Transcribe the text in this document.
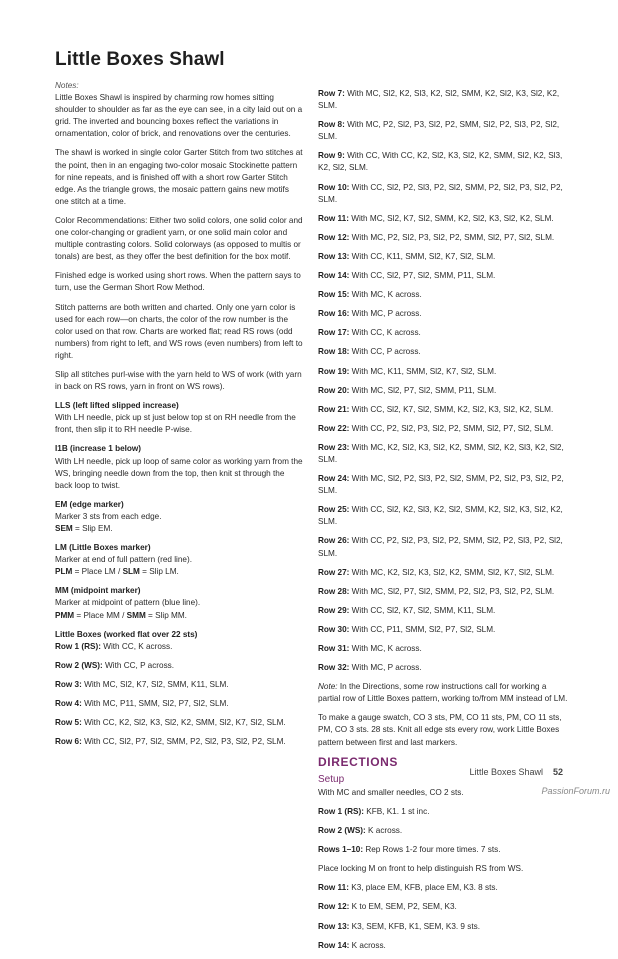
Little Boxes Shawl

Notes:

Little Boxes Shawl is inspired by charming row homes sitting shoulder to shoulder as far as the eye can see, in a city laid out on a grid. The inverted and bouncing boxes reflect the variations in ornamentation, color of brick, and renovations over the centuries.

The shawl is worked in single color Garter Stitch from two stitches at the point, then in an engaging two-color mosaic Stockinette pattern for nine repeats, and is finished off with a short row Garter Stitch edge. As the triangle grows, the mosaic pattern gains new motifs one stitch at a time.

Color Recommendations: Either two solid colors, one solid color and one color-changing or gradient yarn, or one solid main color and multiple contrasting colors. Solid colorways (as opposed to multis or tonals) are best, as they offer the best definition for the box motif.

Finished edge is worked using short rows. When the pattern says to turn, use the German Short Row Method.

Stitch patterns are both written and charted. Only one yarn color is used for each row—on charts, the color of the row number is the color used on that row. Charts are worked flat; read RS rows (odd numbers) from right to left, and WS rows (even numbers) from left to right.

Slip all stitches purl-wise with the yarn held to WS of work (with yarn in back on RS rows, yarn in front on WS rows).

LLS (left lifted slipped increase)

With LH needle, pick up st just below top st on RH needle from the front, then slip it to RH needle P-wise.

I1B (increase 1 below)

With LH needle, pick up loop of same color as working yarn from the WS, bringing needle down from the top, then knit st through the back loop to twist.

EM (edge marker)

Marker 3 sts from each edge.

SEM = Slip EM.

LM (Little Boxes marker)

Marker at end of full pattern (red line).

PLM = Place LM / SLM = Slip LM.

MM (midpoint marker)

Marker at midpoint of pattern (blue line).

PMM = Place MM / SMM = Slip MM.

Little Boxes (worked flat over 22 sts)

Row 1 (RS): With CC, K across.

Row 2 (WS): With CC, P across.

Row 3: With MC, Sl2, K7, Sl2, SMM, K11, SLM.

Row 4: With MC, P11, SMM, Sl2, P7, Sl2, SLM.

Row 5: With CC, K2, Sl2, K3, Sl2, K2, SMM, Sl2, K7, Sl2, SLM.

Row 6: With CC, Sl2, P7, Sl2, SMM, P2, Sl2, P3, Sl2, P2, SLM.

Row 7: With MC, Sl2, K2, Sl3, K2, Sl2, SMM, K2, Sl2, K3, Sl2, K2, SLM.

Row 8: With MC, P2, Sl2, P3, Sl2, P2, SMM, Sl2, P2, Sl3, P2, Sl2, SLM.

Row 9: With CC, With CC, K2, Sl2, K3, Sl2, K2, SMM, Sl2, K2, Sl3, K2, Sl2, SLM.

Row 10: With CC, Sl2, P2, Sl3, P2, Sl2, SMM, P2, Sl2, P3, Sl2, P2, SLM.

Row 11: With MC, Sl2, K7, Sl2, SMM, K2, Sl2, K3, Sl2, K2, SLM.

Row 12: With MC, P2, Sl2, P3, Sl2, P2, SMM, Sl2, P7, Sl2, SLM.

Row 13: With CC, K11, SMM, Sl2, K7, Sl2, SLM.

Row 14: With CC, Sl2, P7, Sl2, SMM, P11, SLM.

Row 15: With MC, K across.

Row 16: With MC, P across.

Row 17: With CC, K across.

Row 18: With CC, P across.

Row 19: With MC, K11, SMM, Sl2, K7, Sl2, SLM.

Row 20: With MC, Sl2, P7, Sl2, SMM, P11, SLM.

Row 21: With CC, Sl2, K7, Sl2, SMM, K2, Sl2, K3, Sl2, K2, SLM.

Row 22: With CC, P2, Sl2, P3, Sl2, P2, SMM, Sl2, P7, Sl2, SLM.

Row 23: With MC, K2, Sl2, K3, Sl2, K2, SMM, Sl2, K2, Sl3, K2, Sl2, SLM.

Row 24: With MC, Sl2, P2, Sl3, P2, Sl2, SMM, P2, Sl2, P3, Sl2, P2, SLM.

Row 25: With CC, Sl2, K2, Sl3, K2, Sl2, SMM, K2, Sl2, K3, Sl2, K2, SLM.

Row 26: With CC, P2, Sl2, P3, Sl2, P2, SMM, Sl2, P2, Sl3, P2, Sl2, SLM.

Row 27: With MC, K2, Sl2, K3, Sl2, K2, SMM, Sl2, K7, Sl2, SLM.

Row 28: With MC, Sl2, P7, Sl2, SMM, P2, Sl2, P3, Sl2, P2, SLM.

Row 29: With CC, Sl2, K7, Sl2, SMM, K11, SLM.

Row 30: With CC, P11, SMM, Sl2, P7, Sl2, SLM.

Row 31: With MC, K across.

Row 32: With MC, P across.

Note: In the Directions, some row instructions call for working a partial row of Little Boxes pattern, working to/from MM instead of LM.

To make a gauge swatch, CO 3 sts, PM, CO 11 sts, PM, CO 11 sts, PM, CO 3 sts. 28 sts. Knit all edge sts every row, work Little Boxes pattern between first and last markers.

DIRECTIONS
Setup

With MC and smaller needles, CO 2 sts.

Row 1 (RS): KFB, K1. 1 st inc.

Row 2 (WS): K across.

Rows 1–10: Rep Rows 1-2 four more times. 7 sts.

Place locking M on front to help distinguish RS from WS.

Row 11: K3, place EM, KFB, place EM, K3. 8 sts.

Row 12: K to EM, SEM, P2, SEM, K3.

Row 13: K3, SEM, KFB, K1, SEM, K3. 9 sts.

Row 14: K across.

Little Boxes Shawl 52
PassionForum.ru
